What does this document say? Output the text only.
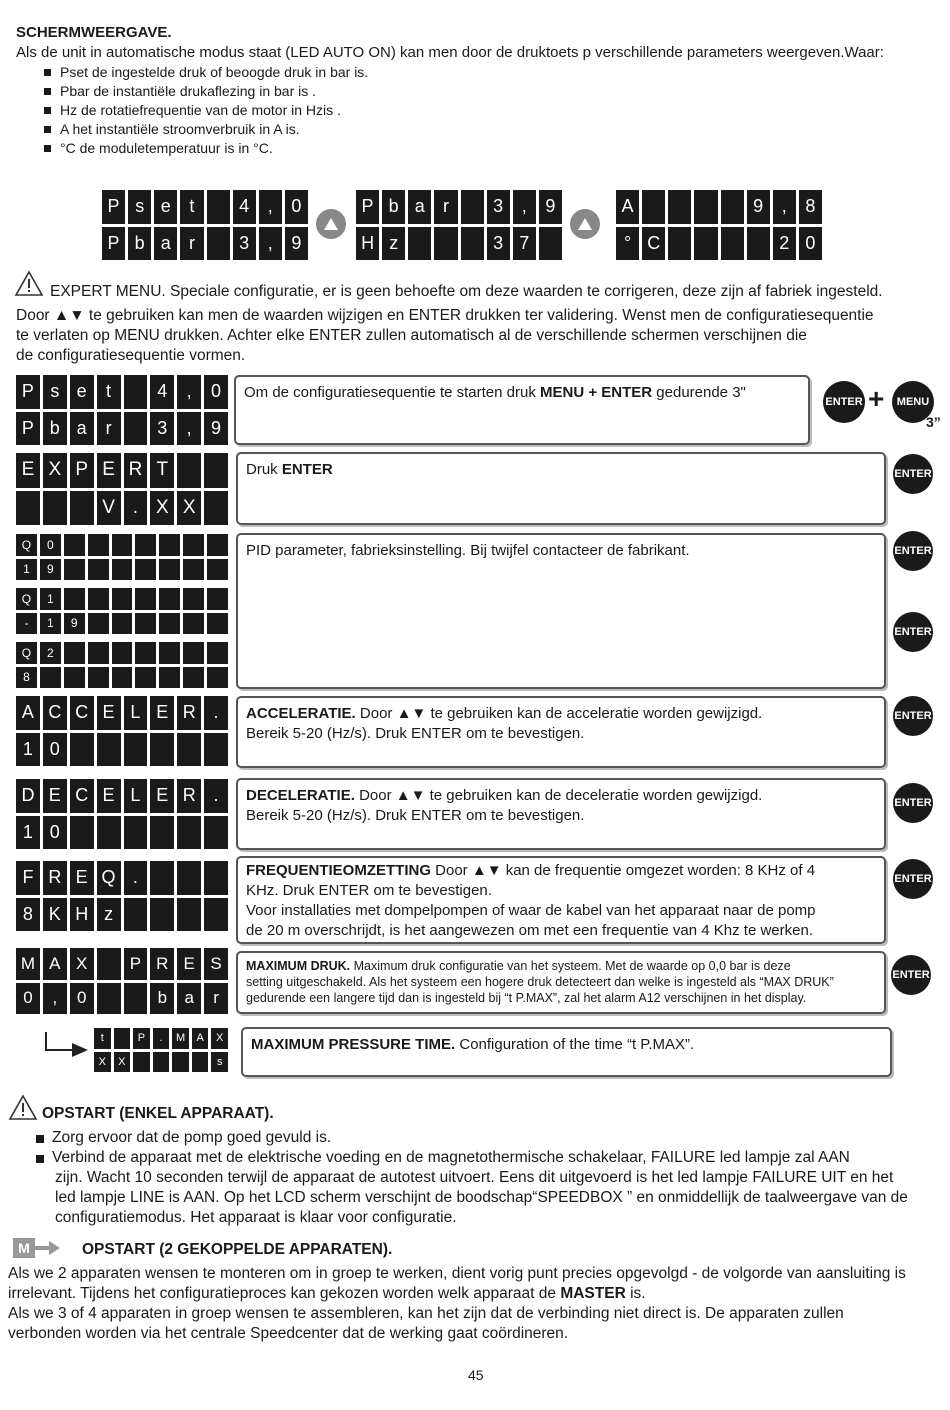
SCHERMWEERGAVE.
Als de unit in automatische modus staat (LED AUTO ON) kan men door de druktoets p verschillende parameters weergeven.Waar:
Pset de ingestelde druk of beoogde druk in bar is.
Pbar de instantiële drukaflezing in bar is .
Hz de rotatiefrequentie van de motor in Hzis .
A het instantiële stroomverbruik in A is.
°C de moduletemperatuur is in °C.
P s e	t	4	,	0
P b a	r	3	,	9
P b a	r	3	,	9
H z	3 7
A	9	,	8
° C	2 0
EXPERT MENU. Speciale configuratie, er is geen behoefte om deze waarden te corrigeren, deze zijn af fabriek ingesteld.
Door ▲▼ te gebruiken kan men de waarden wijzigen en ENTER drukken ter validering. Wenst men de configuratiesequentie
te verlaten op MENU drukken. Achter elke ENTER zullen automatisch al de verschillende schermen verschijnen die
de configuratiesequentie vormen.
P s e	t	4	,	0
P b a	r	3	,	9
Om de configuratiesequentie te starten druk MENU + ENTER gedurende 3"
ENTER +	MENU
3”
E X P E R T
V . X X
Druk ENTER	ENTER
Q	0
1	9
Q	1
-	1	9
Q	2
8
PID parameter, fabrieksinstelling. Bij twijfel contacteer de fabrikant.	ENTER
ENTER
A C C E L E R .
1 0
ACCELERATIE. Door ▲▼ te gebruiken kan de acceleratie worden gewijzigd.
Bereik 5-20 (Hz/s). Druk ENTER om te bevestigen.
ENTER
D E C E L E R .
1 0
DECELERATIE. Door ▲▼ te gebruiken kan de deceleratie worden gewijzigd.
Bereik 5-20 (Hz/s). Druk ENTER om te bevestigen.
ENTER
F R E Q .
8 K H z
FREQUENTIEOMZETTING Door ▲▼ kan de frequentie omgezet worden: 8 KHz of 4
KHz. Druk ENTER om te bevestigen.
Voor installaties met dompelpompen of waar de kabel van het apparaat naar de pomp
de 20 m overschrijdt, is het aangewezen om met een frequentie van 4 Khz te werken.
ENTER
M A X	P R E S
0	,	0	b	a	r
MAXIMUM DRUK. Maximum druk configuratie van het systeem. Met de waarde op 0,0 bar is deze
setting uitgeschakeld. Als het systeem een hogere druk detecteert dan welke is ingesteld als “MAX DRUK”
gedurende een langere tijd dan is ingesteld bij “t P.MAX”, zal het alarm A12 verschijnen in het display.
ENTER
t	P	.	M	A	X
X	X	s
MAXIMUM PRESSURE TIME. Configuration of the time “t P.MAX”.
OPSTART (ENKEL APPARAAT).
Zorg ervoor dat de pomp goed gevuld is.
Verbind de apparaat met de elektrische voeding en de magnetothermische schakelaar, FAILURE led lampje zal AAN
zijn. Wacht 10 seconden terwijl de apparaat de autotest uitvoert. Eens dit uitgevoerd is het led lampje FAILURE UIT en het
led lampje LINE is AAN. Op het LCD scherm verschijnt de boodschap“SPEEDBOX ” en onmiddellijk de taalweergave van de
configuratiemodus. Het apparaat is klaar voor configuratie.
M	OPSTART (2 GEKOPPELDE APPARATEN).
Als we 2 apparaten wensen te monteren om in groep te werken, dient vorig punt precies opgevolgd - de volgorde van aansluiting is
irrelevant. Tijdens het configuratieproces kan gekozen worden welk apparaat de MASTER is.
Als we 3 of 4 apparaten in groep wensen te assembleren, kan het zijn dat de verbinding niet direct is. De apparaten zullen
verbonden worden via het centrale Speedcenter dat de werking gaat coördineren.
45
